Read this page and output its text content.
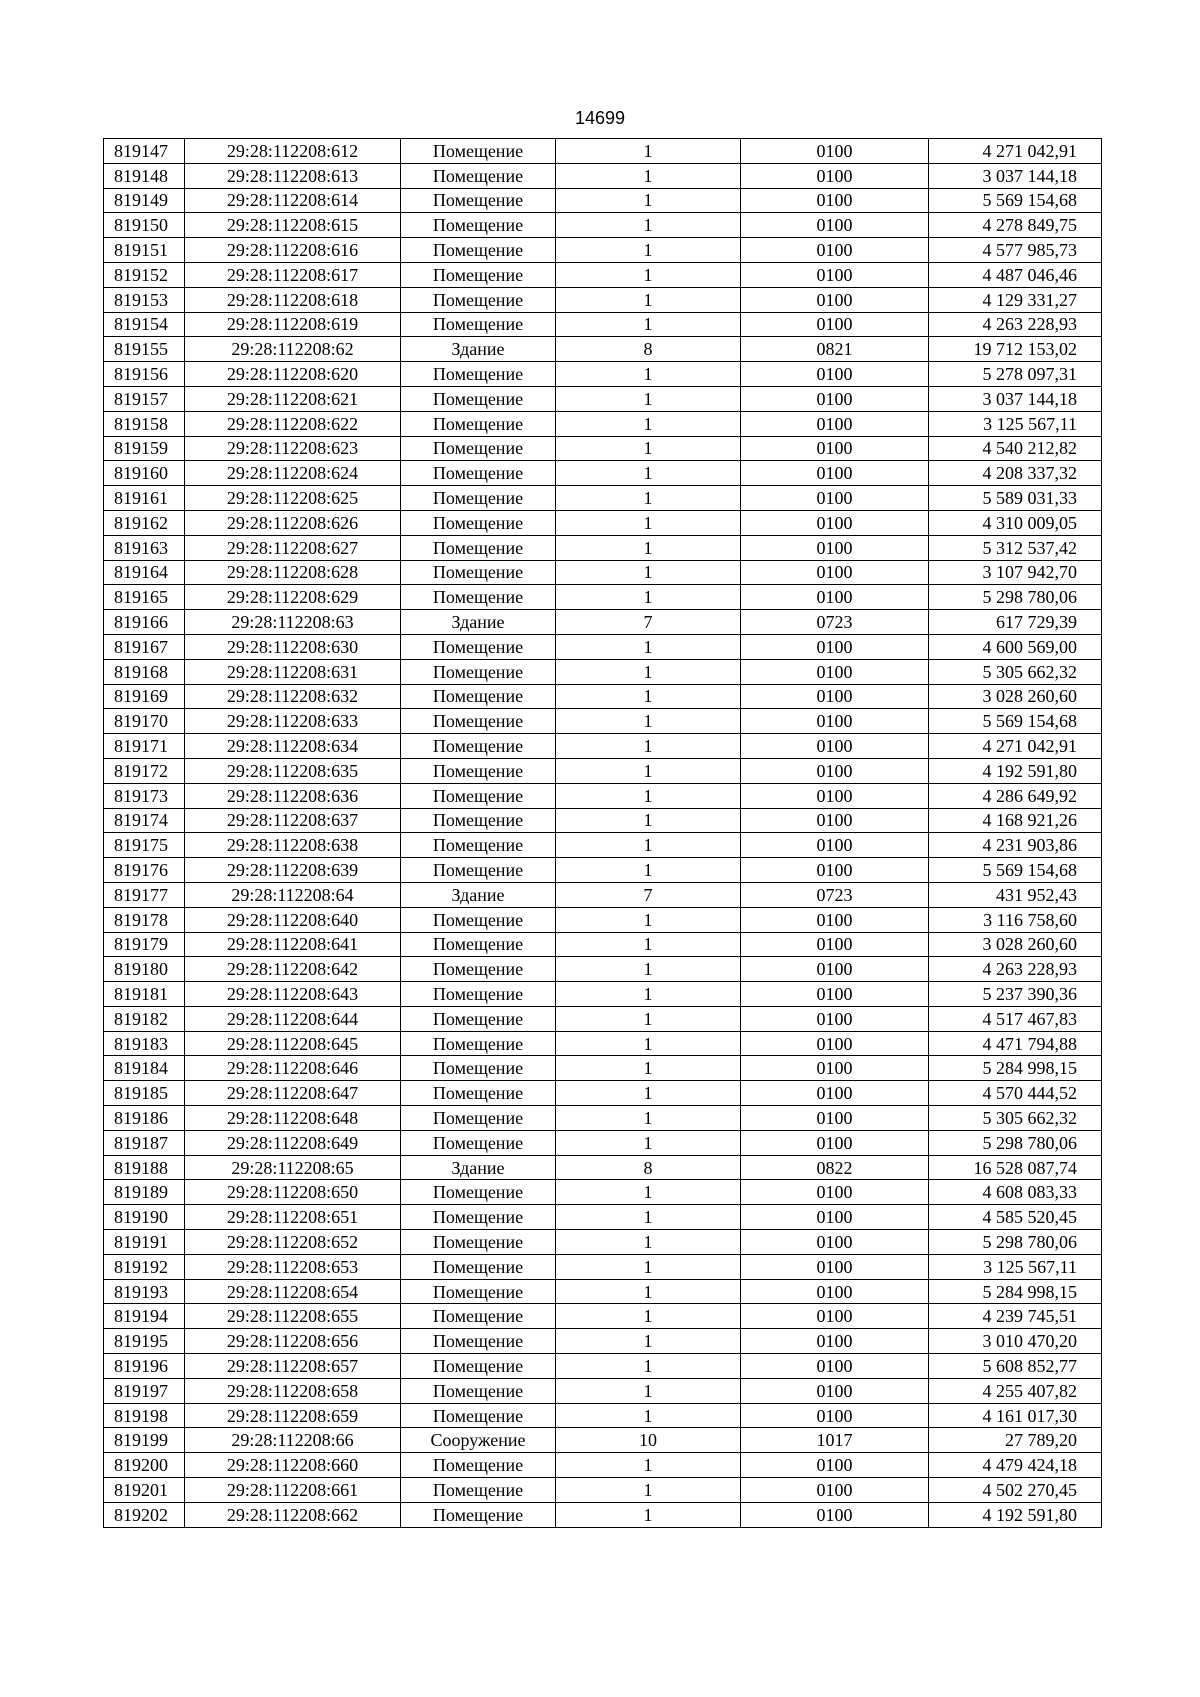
14699
819147	29:28:112208:612	Помещение	1	0100	4 271 042,91
819148	29:28:112208:613	Помещение	1	0100	3 037 144,18
819149	29:28:112208:614	Помещение	1	0100	5 569 154,68
819150	29:28:112208:615	Помещение	1	0100	4 278 849,75
819151	29:28:112208:616	Помещение	1	0100	4 577 985,73
819152	29:28:112208:617	Помещение	1	0100	4 487 046,46
819153	29:28:112208:618	Помещение	1	0100	4 129 331,27
819154	29:28:112208:619	Помещение	1	0100	4 263 228,93
819155	29:28:112208:62	Здание	8	0821	19 712 153,02
819156	29:28:112208:620	Помещение	1	0100	5 278 097,31
819157	29:28:112208:621	Помещение	1	0100	3 037 144,18
819158	29:28:112208:622	Помещение	1	0100	3 125 567,11
819159	29:28:112208:623	Помещение	1	0100	4 540 212,82
819160	29:28:112208:624	Помещение	1	0100	4 208 337,32
819161	29:28:112208:625	Помещение	1	0100	5 589 031,33
819162	29:28:112208:626	Помещение	1	0100	4 310 009,05
819163	29:28:112208:627	Помещение	1	0100	5 312 537,42
819164	29:28:112208:628	Помещение	1	0100	3 107 942,70
819165	29:28:112208:629	Помещение	1	0100	5 298 780,06
819166	29:28:112208:63	Здание	7	0723	617 729,39
819167	29:28:112208:630	Помещение	1	0100	4 600 569,00
819168	29:28:112208:631	Помещение	1	0100	5 305 662,32
819169	29:28:112208:632	Помещение	1	0100	3 028 260,60
819170	29:28:112208:633	Помещение	1	0100	5 569 154,68
819171	29:28:112208:634	Помещение	1	0100	4 271 042,91
819172	29:28:112208:635	Помещение	1	0100	4 192 591,80
819173	29:28:112208:636	Помещение	1	0100	4 286 649,92
819174	29:28:112208:637	Помещение	1	0100	4 168 921,26
819175	29:28:112208:638	Помещение	1	0100	4 231 903,86
819176	29:28:112208:639	Помещение	1	0100	5 569 154,68
819177	29:28:112208:64	Здание	7	0723	431 952,43
819178	29:28:112208:640	Помещение	1	0100	3 116 758,60
819179	29:28:112208:641	Помещение	1	0100	3 028 260,60
819180	29:28:112208:642	Помещение	1	0100	4 263 228,93
819181	29:28:112208:643	Помещение	1	0100	5 237 390,36
819182	29:28:112208:644	Помещение	1	0100	4 517 467,83
819183	29:28:112208:645	Помещение	1	0100	4 471 794,88
819184	29:28:112208:646	Помещение	1	0100	5 284 998,15
819185	29:28:112208:647	Помещение	1	0100	4 570 444,52
819186	29:28:112208:648	Помещение	1	0100	5 305 662,32
819187	29:28:112208:649	Помещение	1	0100	5 298 780,06
819188	29:28:112208:65	Здание	8	0822	16 528 087,74
819189	29:28:112208:650	Помещение	1	0100	4 608 083,33
819190	29:28:112208:651	Помещение	1	0100	4 585 520,45
819191	29:28:112208:652	Помещение	1	0100	5 298 780,06
819192	29:28:112208:653	Помещение	1	0100	3 125 567,11
819193	29:28:112208:654	Помещение	1	0100	5 284 998,15
819194	29:28:112208:655	Помещение	1	0100	4 239 745,51
819195	29:28:112208:656	Помещение	1	0100	3 010 470,20
819196	29:28:112208:657	Помещение	1	0100	5 608 852,77
819197	29:28:112208:658	Помещение	1	0100	4 255 407,82
819198	29:28:112208:659	Помещение	1	0100	4 161 017,30
819199	29:28:112208:66	Сооружение	10	1017	27 789,20
819200	29:28:112208:660	Помещение	1	0100	4 479 424,18
819201	29:28:112208:661	Помещение	1	0100	4 502 270,45
819202	29:28:112208:662	Помещение	1	0100	4 192 591,80
